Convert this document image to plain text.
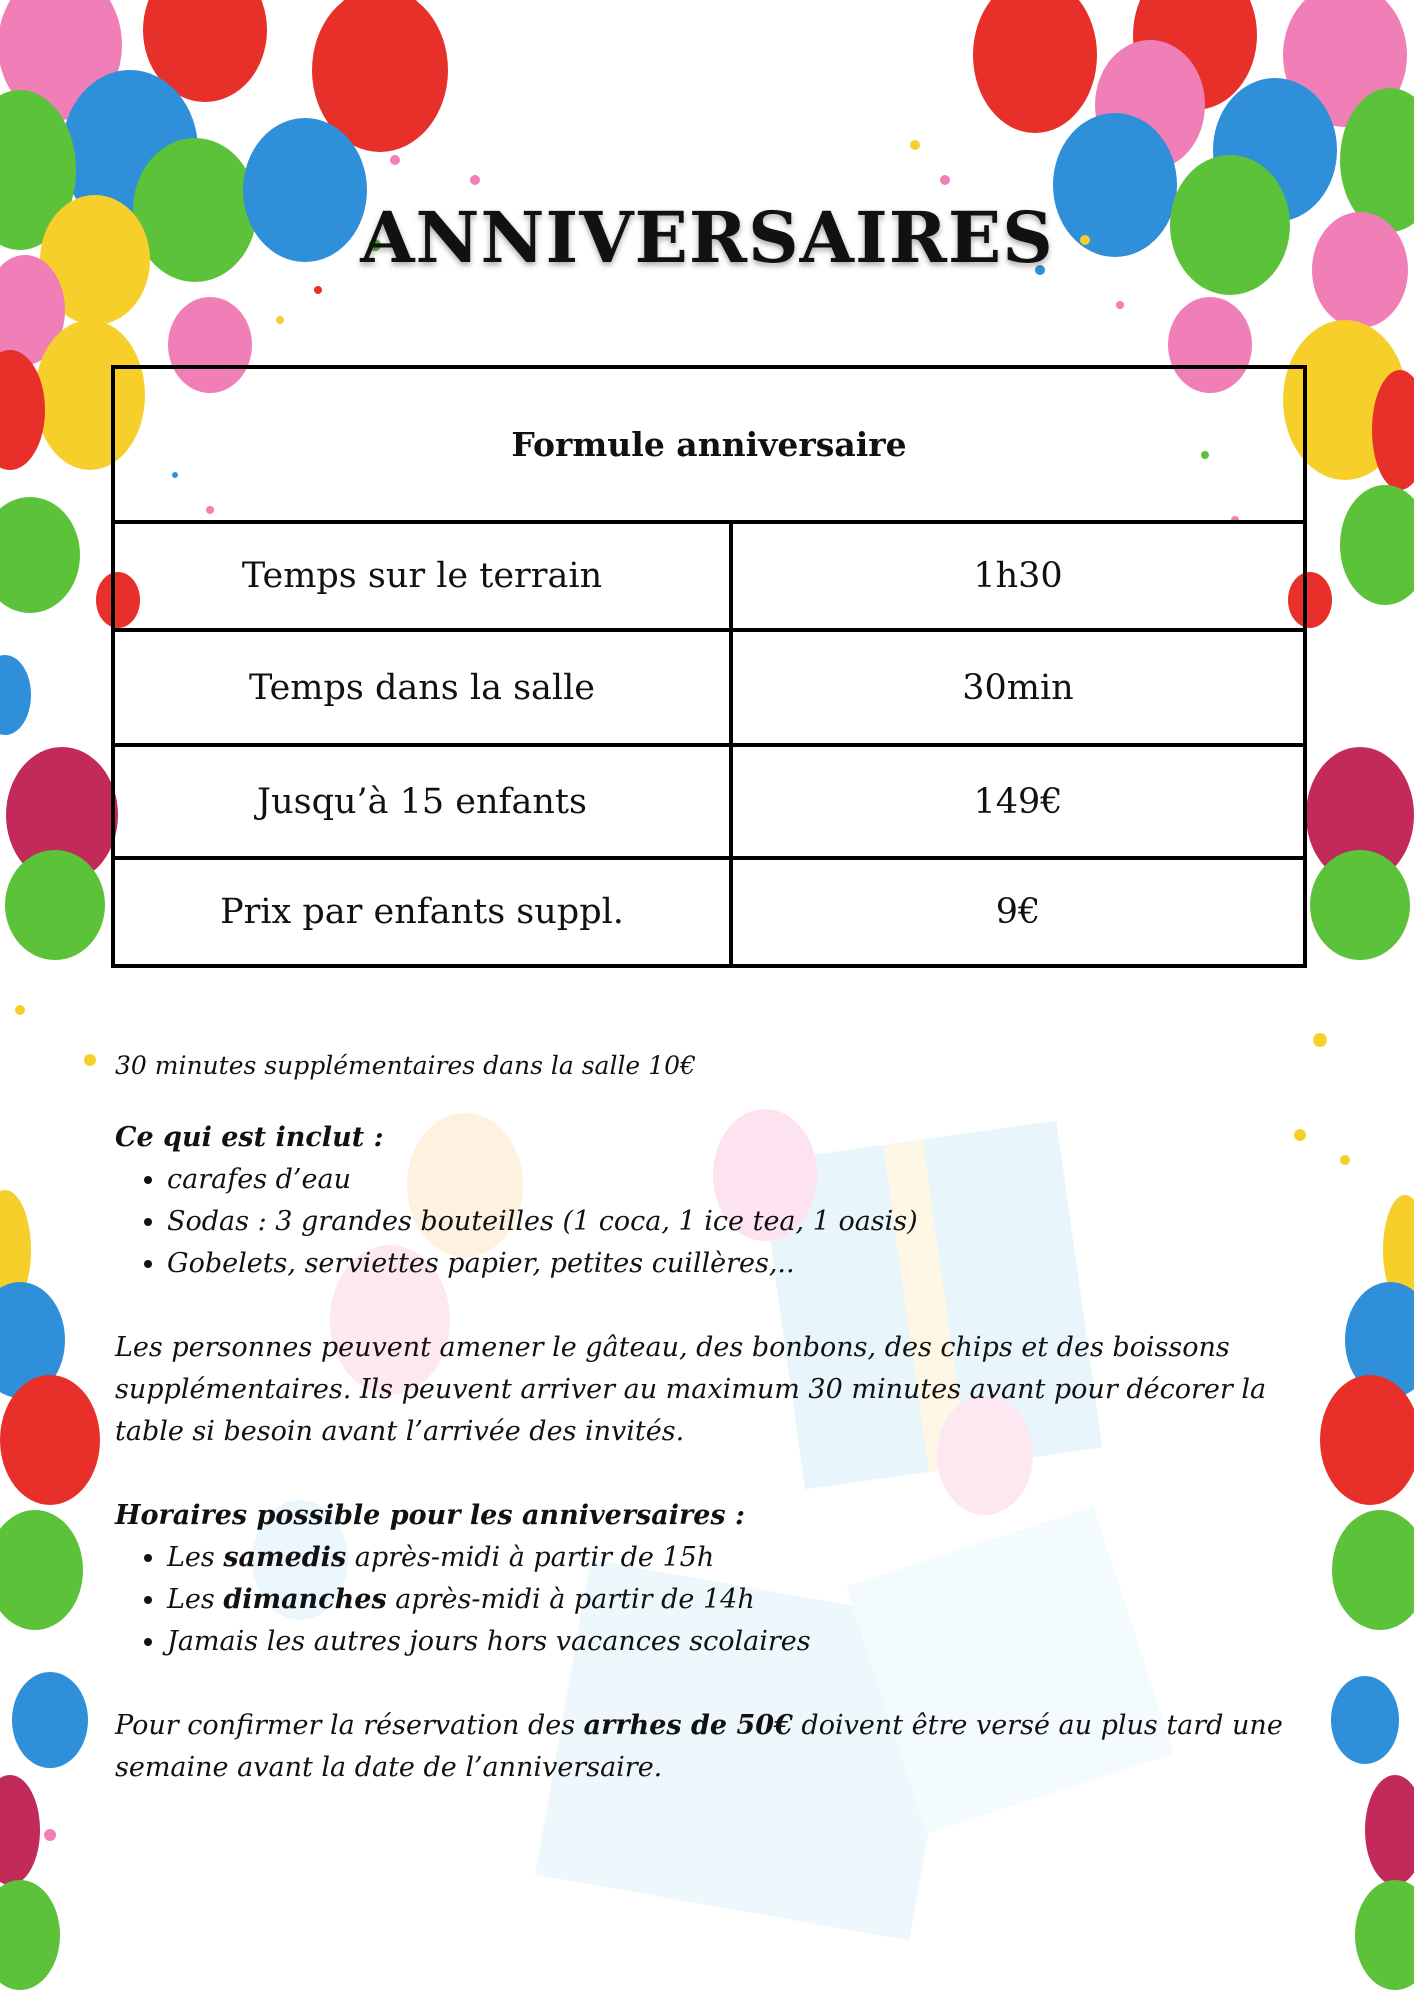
ANNIVERSAIRES
Formule anniversaire	
Temps sur le terrain	1h30
Temps dans la salle	30min
Jusqu’à 15 enfants	149€
Prix par enfants suppl.	9€

30 minutes supplémentaires dans la salle 10€

Ce qui est inclut :

• carafes d’eau
• Sodas : 3 grandes bouteilles (1 coca, 1 ice tea, 1 oasis)
• Gobelets, serviettes papier, petites cuillères,..

Les personnes peuvent amener le gâteau, des bonbons, des chips et des boissons supplémentaires. Ils peuvent arriver au maximum 30 minutes avant pour décorer la table si besoin avant l’arrivée des invités.

Horaires possible pour les anniversaires :

• Les samedis après-midi à partir de 15h
• Les dimanches après-midi à partir de 14h
• Jamais les autres jours hors vacances scolaires

Pour confirmer la réservation des arrhes de 50€ doivent être versé au plus tard une semaine avant la date de l’anniversaire.
